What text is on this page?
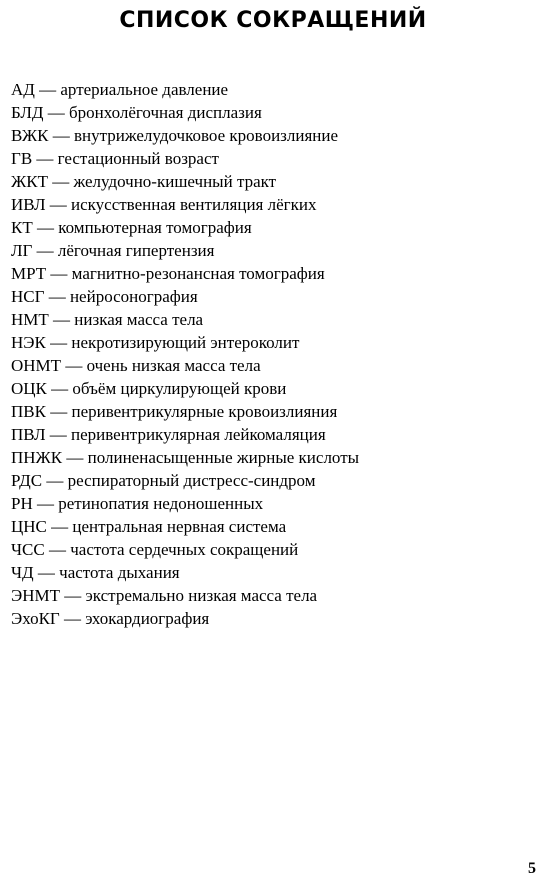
СПИСОК СОКРАЩЕНИЙ
АД — артериальное давление
БЛД — бронхолёгочная дисплазия
ВЖК — внутрижелудочковое кровоизлияние
ГВ — гестационный возраст
ЖКТ — желудочно-кишечный тракт
ИВЛ — искусственная вентиляция лёгких
КТ — компьютерная томография
ЛГ — лёгочная гипертензия
МРТ — магнитно-резонансная томография
НСГ — нейросонография
НМТ — низкая масса тела
НЭК — некротизирующий энтероколит
ОНМТ — очень низкая масса тела
ОЦК — объём циркулирующей крови
ПВК — перивентрикулярные кровоизлияния
ПВЛ — перивентрикулярная лейкомаляция
ПНЖК — полиненасыщенные жирные кислоты
РДС — респираторный дистресс-синдром
РН — ретинопатия недоношенных
ЦНС — центральная нервная система
ЧСС — частота сердечных сокращений
ЧД — частота дыхания
ЭНМТ — экстремально низкая масса тела
ЭхоКГ — эхокардиография
5
